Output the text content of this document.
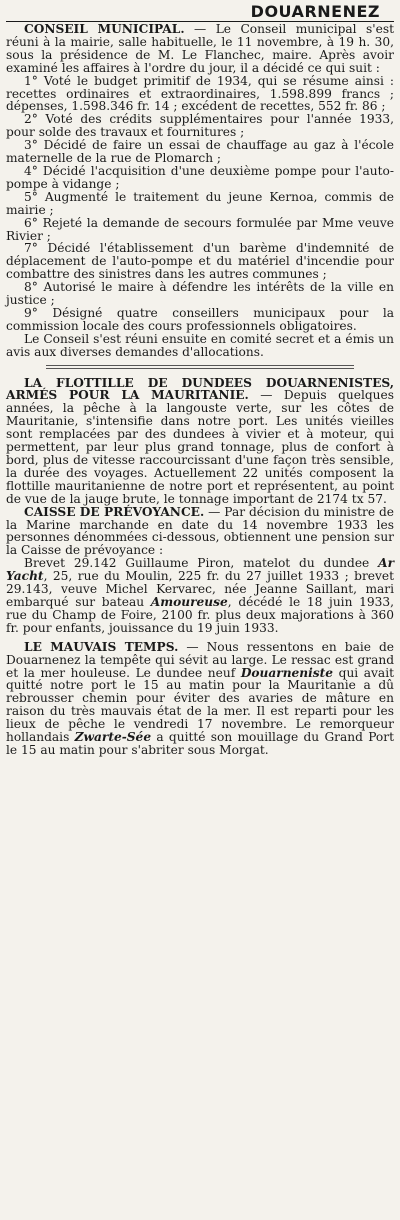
DOUARNENEZ

CONSEIL MUNICIPAL. — Le Conseil municipal s'est réuni à la mairie, salle habituelle, le 11 novembre, à 19 h. 30, sous la présidence de M. Le Flanchec, maire. Après avoir examiné les affaires à l'ordre du jour, il a décidé ce qui suit :

1° Voté le budget primitif de 1934, qui se résume ainsi : recettes ordinaires et extraordinaires, 1.598.899 francs ; dépenses, 1.598.346 fr. 14 ; excédent de recettes, 552 fr. 86 ;

2° Voté des crédits supplémentaires pour l'année 1933, pour solde des travaux et fournitures ;

3° Décidé de faire un essai de chauffage au gaz à l'école maternelle de la rue de Plomarch ;

4° Décidé l'acquisition d'une deuxième pompe pour l'auto-pompe à vidange ;

5° Augmenté le traitement du jeune Kernoa, commis de mairie ;

6° Rejeté la demande de secours formulée par Mme veuve Rivier ;

7° Décidé l'établissement d'un barème d'indemnité de déplacement de l'auto-pompe et du matériel d'incendie pour combattre des sinistres dans les autres communes ;

8° Autorisé le maire à défendre les intérêts de la ville en justice ;

9° Désigné quatre conseillers municipaux pour la commission locale des cours professionnels obligatoires.

Le Conseil s'est réuni ensuite en comité secret et a émis un avis aux diverses demandes d'allocations.

LA FLOTTILLE DE DUNDEES DOUARNENISTES, ARMÉS POUR LA MAURITANIE. — Depuis quelques années, la pêche à la langouste verte, sur les côtes de Mauritanie, s'intensifie dans notre port. Les unités vieilles sont remplacées par des dundees à vivier et à moteur, qui permettent, par leur plus grand tonnage, plus de confort à bord, plus de vitesse raccourcissant d'une façon très sensible, la durée des voyages. Actuellement 22 unités composent la flottille mauritanienne de notre port et représentent, au point de vue de la jauge brute, le tonnage important de 2174 tx 57.

CAISSE DE PRÉVOYANCE. — Par décision du ministre de la Marine marchande en date du 14 novembre 1933 les personnes dénommées ci-dessous, obtiennent une pension sur la Caisse de prévoyance :

Brevet 29.142 Guillaume Piron, matelot du dundee Ar Yacht, 25, rue du Moulin, 225 fr. du 27 juillet 1933 ; brevet 29.143, veuve Michel Kervarec, née Jeanne Saillant, mari embarqué sur bateau Amoureuse, décédé le 18 juin 1933, rue du Champ de Foire, 2100 fr. plus deux majorations à 360 fr. pour enfants, jouissance du 19 juin 1933.

LE MAUVAIS TEMPS. — Nous ressentons en baie de Douarnenez la tempête qui sévit au large. Le ressac est grand et la mer houleuse. Le dundee neuf Douarneniste qui avait quitté notre port le 15 au matin pour la Mauritanie a dû rebrousser chemin pour éviter des avaries de mâture en raison du très mauvais état de la mer. Il est reparti pour les lieux de pêche le vendredi 17 novembre. Le remorqueur hollandais Zwarte-Sée a quitté son mouillage du Grand Port le 15 au matin pour s'abriter sous Morgat.
